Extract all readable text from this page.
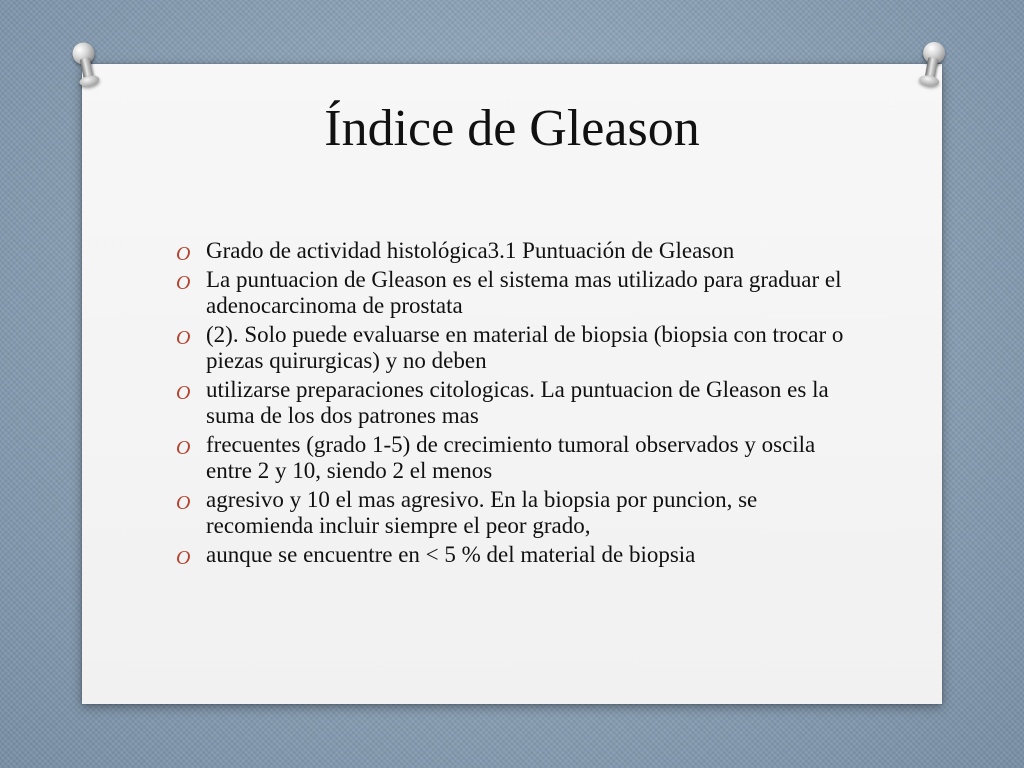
Índice de Gleason
O Grado de actividad histológica3.1 Puntuación de Gleason
O La puntuacion de Gleason es el sistema mas utilizado para graduar el adenocarcinoma de prostata
O (2). Solo puede evaluarse en material de biopsia (biopsia con trocar o piezas quirurgicas) y no deben
O utilizarse preparaciones citologicas. La puntuacion de Gleason es la suma de los dos patrones mas
O frecuentes (grado 1-5) de crecimiento tumoral observados y oscila entre 2 y 10, siendo 2 el menos
O agresivo y 10 el mas agresivo. En la biopsia por puncion, se recomienda incluir siempre el peor grado,
O aunque se encuentre en < 5 % del material de biopsia
